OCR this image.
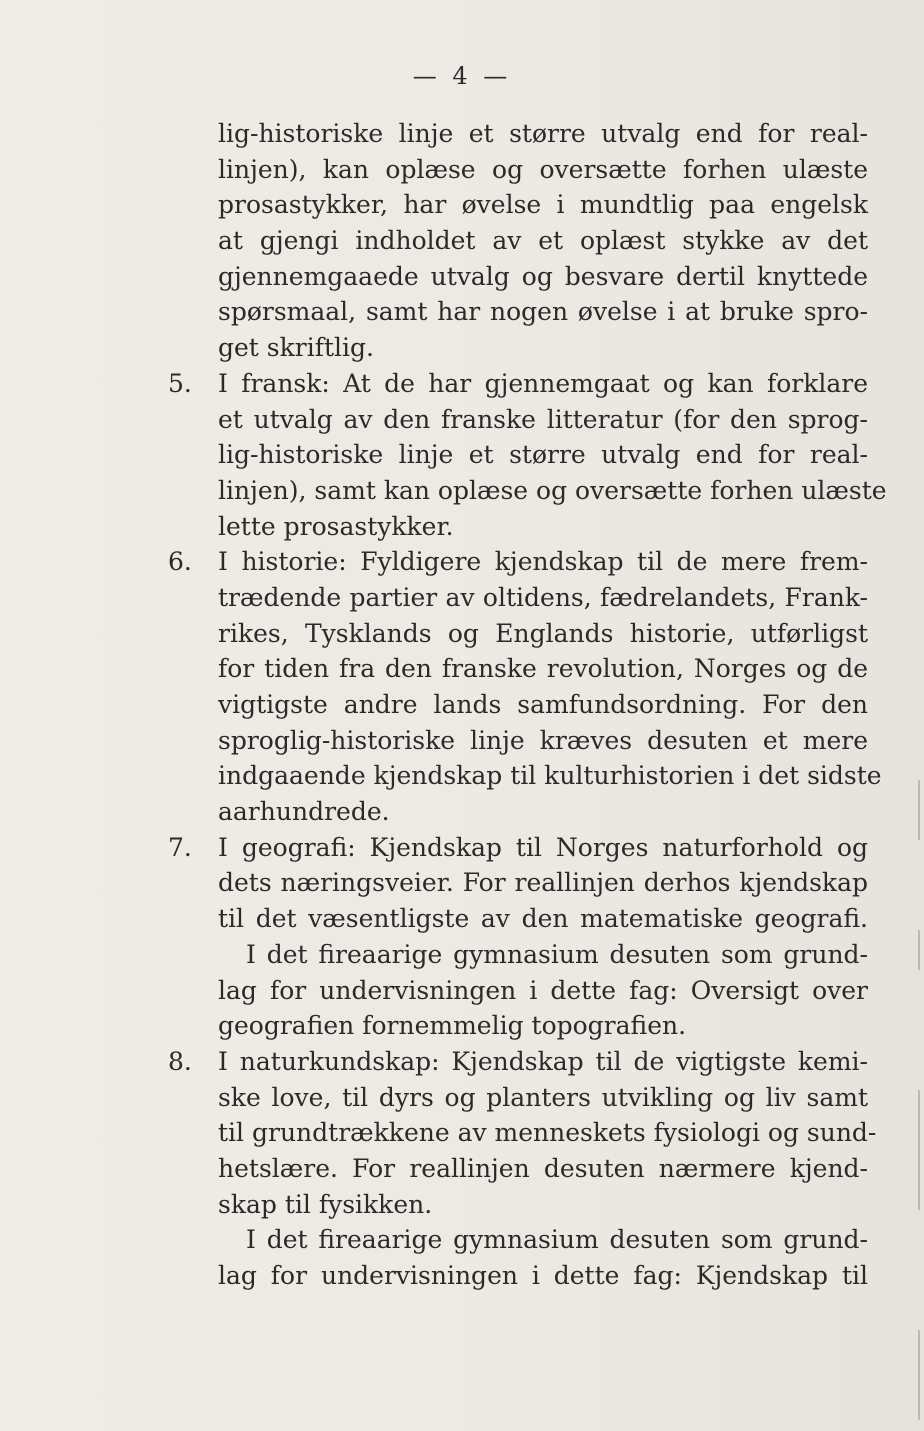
— 4 —
lig-historiske linje et større utvalg end for real-
linjen), kan oplæse og oversætte forhen ulæste
prosastykker, har øvelse i mundtlig paa engelsk
at gjengi indholdet av et oplæst stykke av det
gjennemgaaede utvalg og besvare dertil knyttede
spørsmaal, samt har nogen øvelse i at bruke spro-
get skriftlig.
5. I fransk: At de har gjennemgaat og kan forklare
et utvalg av den franske litteratur (for den sprog-
lig-historiske linje et større utvalg end for real-
linjen), samt kan oplæse og oversætte forhen ulæste
lette prosastykker.
6. I historie: Fyldigere kjendskap til de mere frem-
trædende partier av oltidens, fædrelandets, Frank-
rikes, Tysklands og Englands historie, utførligst
for tiden fra den franske revolution, Norges og de
vigtigste andre lands samfundsordning. For den
sproglig-historiske linje kræves desuten et mere
indgaaende kjendskap til kulturhistorien i det sidste
aarhundrede.
7. I geografi: Kjendskap til Norges naturforhold og
dets næringsveier. For reallinjen derhos kjendskap
til det væsentligste av den matematiske geografi.
I det fireaarige gymnasium desuten som grund-
lag for undervisningen i dette fag: Oversigt over
geografien fornemmelig topografien.
8. I naturkundskap: Kjendskap til de vigtigste kemi-
ske love, til dyrs og planters utvikling og liv samt
til grundtrækkene av menneskets fysiologi og sund-
hetslære. For reallinjen desuten nærmere kjend-
skap til fysikken.
I det fireaarige gymnasium desuten som grund-
lag for undervisningen i dette fag: Kjendskap til
